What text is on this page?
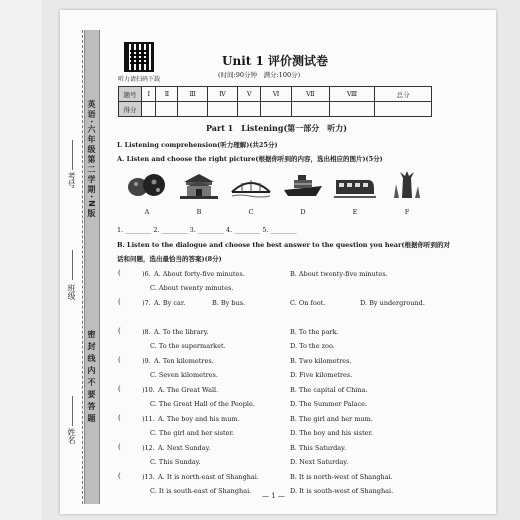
英语·六年级第二学期·N版
密封线内不要答题
考号
班级
姓名
听力请扫码下载
Unit 1 评价测试卷
(时间:90分钟　满分:100分)
题号	Ⅰ	Ⅱ	Ⅲ	Ⅳ	Ⅴ	Ⅵ	Ⅶ	Ⅷ	总分
得分									
Part 1　Listening(第一部分　听力)
Ⅰ. Listening comprehension(听力理解)(共25分)
A. Listen and choose the right picture(根据你听到的内容，选出相应的图片)(5分)
A	B	C	D	E	F
1. ________ 2. ________ 3. ________ 4. ________ 5. ________
B. Listen to the dialogue and choose the best answer to the question you hear(根据你听到的对
话和问题，选出最恰当的答案)(8分)
(	)6. A. About forty-five minutes.	B. About twenty-five minutes.
C. About twenty minutes.
(	)7. A. By car.	B. By bus.	C. On foot.	D. By underground.
(	)8. A. To the library.	B. To the park.
C. To the supermarket.	D. To the zoo.
(	)9. A. Ten kilometres.	B. Two kilometres.
C. Seven kilometres.	D. Five kilometres.
(	)10. A. The Great Wall.	B. The capital of China.
C. The Great Hall of the People.	D. The Summer Palace.
(	)11. A. The boy and his mum.	B. The girl and her mum.
C. The girl and her sister.	D. The boy and his sister.
(	)12. A. Next Sunday.	B. This Saturday.
C. This Sunday.	D. Next Saturday.
(	)13. A. It is north-east of Shanghai.	B. It is north-west of Shanghai.
C. It is south-east of Shanghai.	D. It is south-west of Shanghai.
— 1 —
